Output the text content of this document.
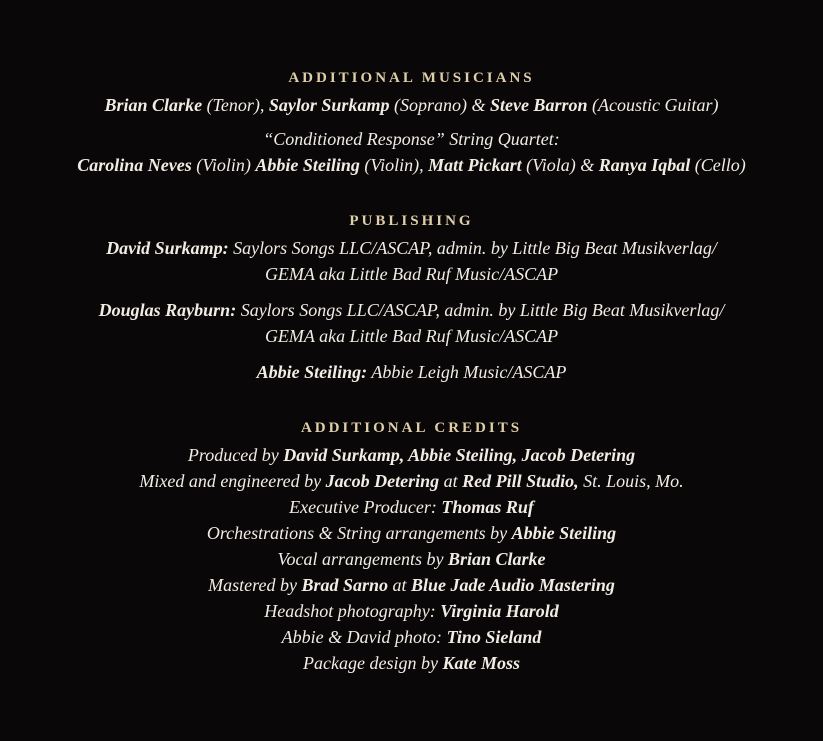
ADDITIONAL MUSICIANS

Brian Clarke (Tenor), Saylor Surkamp (Soprano) & Steve Barron (Acoustic Guitar)

“Conditioned Response” String Quartet:

Carolina Neves (Violin) Abbie Steiling (Violin), Matt Pickart (Viola) & Ranya Iqbal (Cello)

PUBLISHING

David Surkamp: Saylors Songs LLC/ASCAP, admin. by Little Big Beat Musikverlag/

GEMA aka Little Bad Ruf Music/ASCAP

Douglas Rayburn: Saylors Songs LLC/ASCAP, admin. by Little Big Beat Musikverlag/

GEMA aka Little Bad Ruf Music/ASCAP

Abbie Steiling: Abbie Leigh Music/ASCAP

ADDITIONAL CREDITS

Produced by David Surkamp, Abbie Steiling, Jacob Detering

Mixed and engineered by Jacob Detering at Red Pill Studio, St. Louis, Mo.

Executive Producer: Thomas Ruf

Orchestrations & String arrangements by Abbie Steiling

Vocal arrangements by Brian Clarke

Mastered by Brad Sarno at Blue Jade Audio Mastering

Headshot photography: Virginia Harold

Abbie & David photo: Tino Sieland

Package design by Kate Moss
